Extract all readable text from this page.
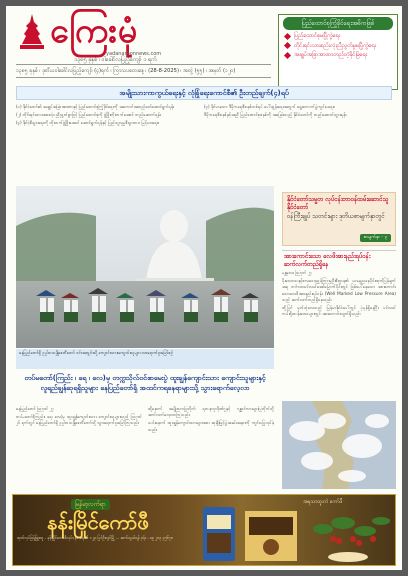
ကြေးမုံ
yadanarbonnews.com
၁၃၈၅ ခုနှစ် ၊ ဝါခေါင်လပြည့်ကျော် ၁ ရက်
၁၃၈၅ ခုနှစ် ၊ ဒုတိယဝါခေါင်လပြည့်ကျော် (၄)ရက် ၊ ကြာသပတေးနေ့ ၊ (28-8-2025) ၊ အတွဲ (၅၅) ၊ အမှတ် (၁၂၀)
ပြည်ထောင်စုကြံ့ခိုင်ရေးအဓိကဖြစ်
ပြည်ထောင်စုမပြိုကွဲရေး
တိုင်းရင်းသားစည်းလုံးညီညွတ်မှုမပြိုကွဲရေး
အချုပ်အခြာအာဏာတည်တံ့ခိုင်မြဲရေး
အမျိုးသားကာကွယ်ရေးနှင့် လုံခြုံရေးကောင်စီ၏ ဦးတည်ချက်(၄)ရပ်

(၁) နိုင်ငံတော်၏ အချုပ်အခြာအာဏာနှင့် ပြည်ထောင်စုကြံ့ခိုင်ရေးကို အကောင်အထည်ဖော်ဆောင်ရွက်ရန်။

(၂) တိုင်းရင်းသားအားလုံး ညီညွတ်စွာဖြင့် ပြည်ထောင်စုကို ဖွံ့ဖြိုးတိုးတက်အောင် တည်ဆောက်ရန်။

(၃) နိုင်ငံ့စီးပွားရေးကို တိုးတက်ဖွံ့ဖြိုးအောင် ဆောင်ရွက်ရန်နှင့် ပြည်သူ့လူမှုစီးပွားဘဝ မြင့်မားရေး။

(၄) ခိုင်မာသော ဒီမိုကရေစီစနစ်တစ်ရပ် ပေါ်ထွန်းရေးအတွက် ရွေးကောက်ပွဲကျင်းပရေး။

ဒီမိုကရေစီစနစ်နှင့်အညီ ပြည်ထောင်စုစနစ်ကို အခြေခံသည့် နိုင်ငံတော်ကို တည်ဆောက်သွားရန်။

နေပြည်တော်ရှိ ဥပ္ပါတသန္တိစေတီတော် ဝင်းအတွင်းသို့ ကျောင်းသား၊ကျောင်းသူများ လာရောက်ဖူးမြော်စဉ်
နိုင်ငံတော်သမ္မတ လုပ်ငန်းတာဝန်ထမ်းဆောင်သူ နိုင်ငံတော်
ဝန်ကြီးချုပ် သတင်းများ ဒုတိယစာမျက်နှာတွင်
စာမျက်နှာ - ၃
အားကောင်းသော လေဖိအားနည်းရပ်ဝန်း ဆက်လက်တည်ရှိနေ

မန္တလေး ဩဂုတ် ၂၇

မိုးလေဝသနှင့်ဇလဗေဒညွှန်ကြားမှုဦးစီးဌာန၏ ယနေ့ညနေပိုင်းထုတ်ပြန်ချက်အရ ဘင်္ဂလားပင်လယ်အော်မြောက်ပိုင်းတွင် ဖြစ်ပေါ်နေသော အားကောင်းသောလေဖိအားနည်းရပ်ဝန်း (Well Marked Low Pressure Area) သည် ဆက်လက်တည်ရှိနေသည်။

ထို့ပြင် မုတ်သုံလေသည် မြန်မာနိုင်ငံပေါ်တွင် ပုံမှန်ရှိနေပြီး ပင်လယ်ကမ်းရိုးတန်းဒေသများတွင် အားကောင်းလျက်ရှိသည်။

တပ်မတော်(ကြည်း ၊ ရေ ၊ လေ)မှ တက္ကသိုလ်ဝင်စာမေးပွဲ ထူးချွန်ကျောင်းသား ကျောင်းသူများနှင့် လူရည်ချွန်ဆုရရှိသူများ နေပြည်တော်ရှိ အထင်ကရနေရာများသို့ သွားရောက်လေ့လာ

နေပြည်တော် ဩဂုတ် ၂၇

တပ်မတော်(ကြည်း၊ ရေ၊ လေ)မှ ထူးချွန်ကျောင်းသား ကျောင်းသူများသည် ဩဂုတ် ၂၆ ရက်တွင် နေပြည်တော်ရှိ ဥပ္ပါတသန္တိစေတီတော်သို့ သွားရောက်ဖူးမြော်ကြသည်။

ထို့နောက် အမျိုးသားပြတိုက်၊ ရတနာဂူလိုဏ်ဂူနှင့် ဂန္ထဝင်ကားများပြတိုက်သို့ ဆက်လက်လေ့လာကြသည်။

ယင်းနောက် ထူးချွန်ကျောင်းသားများအား ဆုချီးမြှင့်ပွဲအခမ်းအနားကို ကျင်းပပြုလုပ်ခဲ့သည်။

မြန်မာ့လက်ရာ
နန်းမြိုင်ကော်ဖီ
ထုတ်လုပ်ဖြန့်ဖြူးသူ - နန်းမြိုင်ကော်ဖီလုပ်ငန်း၊ အမှတ် ၁၂၃၊ ပြင်ဦးလွင်မြို့ ... ဆက်သွယ်ရန် ဖုန်း - ၀၉ ၂၀၃ ၄၅၆၇၈
အရသာထူးကဲ ကော်ဖီ
